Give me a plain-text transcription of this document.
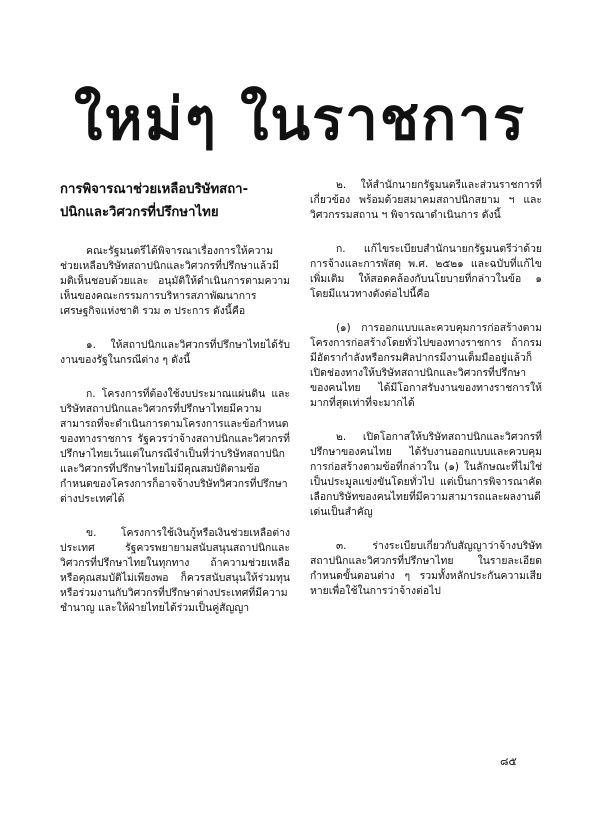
ใหม่ๆ ในราชการ
การพิจารณาช่วยเหลือบริษัทสถา-
ปนิกและวิศวกรที่ปรึกษาไทย

คณะรัฐมนตรีได้พิจารณาเรื่องการให้ความช่วยเหลือบริษัทสถาปนิกและวิศวกรที่ปรึกษาแล้วมีมติเห็นชอบด้วยและ อนุมัติให้ดำเนินการตามความเห็นของคณะกรรมการบริหารสภาพัฒนาการเศรษฐกิจแห่งชาติ รวม ๓ ประการ ดังนี้คือ

๑. ให้สถาปนิกและวิศวกรที่ปรึกษาไทยได้รับงานของรัฐในกรณีต่าง ๆ ดังนี้

ก. โครงการที่ต้องใช้งบประมาณแผ่นดิน และบริษัทสถาปนิกและวิศวกรที่ปรึกษาไทยมีความสามารถที่จะดำเนินการตามโครงการและข้อกำหนดของทางราชการ รัฐควรว่าจ้างสถาปนิกและวิศวกรที่ปรึกษาไทยเว้นแต่ในกรณีจำเป็นที่ว่าบริษัทสถาปนิกและวิศวกรที่ปรึกษาไทยไม่มีคุณสมบัติตามข้อกำหนดของโครงการก็อาจจ้างบริษัทวิศวกรที่ปรึกษาต่างประเทศได้

ข. โครงการใช้เงินกู้หรือเงินช่วยเหลือต่างประเทศ รัฐควรพยายามสนับสนุนสถาปนิกและวิศวกรที่ปรึกษาไทยในทุกทาง ถ้าความช่วยเหลือหรือคุณสมบัติไม่เพียงพอ ก็ควรสนับสนุนให้ร่วมทุนหรือร่วมงานกับวิศวกรที่ปรึกษาต่างประเทศที่มีความชำนาญ และให้ฝ่ายไทยได้ร่วมเป็นคู่สัญญา

๒. ให้สำนักนายกรัฐมนตรีและส่วนราชการที่เกี่ยวข้อง พร้อมด้วยสมาคมสถาปนิกสยาม ฯ และวิศวกรรมสถาน ฯ พิจารณาดำเนินการ ดังนี้

ก. แก้ไขระเบียบสำนักนายกรัฐมนตรีว่าด้วยการจ้างและการพัสดุ พ.ศ. ๒๕๒๑ และฉบับที่แก้ไขเพิ่มเติม ให้สอดคล้องกับนโยบายที่กล่าวในข้อ ๑ โดยมีแนวทางดังต่อไปนี้คือ

(๑) การออกแบบและควบคุมการก่อสร้างตามโครงการก่อสร้างโดยทั่วไปของทางราชการ ถ้ากรมมีอัตรากำลังหรือกรมศิลปากรมีงานเต็มมืออยู่แล้วก็เปิดช่องทางให้บริษัทสถาปนิกและวิศวกรที่ปรึกษาของคนไทย ได้มีโอกาสรับงานของทางราชการให้มากที่สุดเท่าที่จะมากได้

๒. เปิดโอกาสให้บริษัทสถาปนิกและวิศวกรที่ปรึกษาของคนไทย ได้รับงานออกแบบและควบคุมการก่อสร้างตามข้อที่กล่าวใน (๑) ในลักษณะที่ไม่ใช่เป็นประมูลแข่งขันโดยทั่วไป แต่เป็นการพิจารณาคัดเลือกบริษัทของคนไทยที่มีความสามารถและผลงานดีเด่นเป็นสำคัญ

๓. ร่างระเบียบเกี่ยวกับสัญญาว่าจ้างบริษัทสถาปนิกและวิศวกรที่ปรึกษาไทย ในรายละเอียดกำหนดขั้นตอนต่าง ๆ รวมทั้งหลักประกันความเสียหายเพื่อใช้ในการว่าจ้างต่อไป

๘๕
